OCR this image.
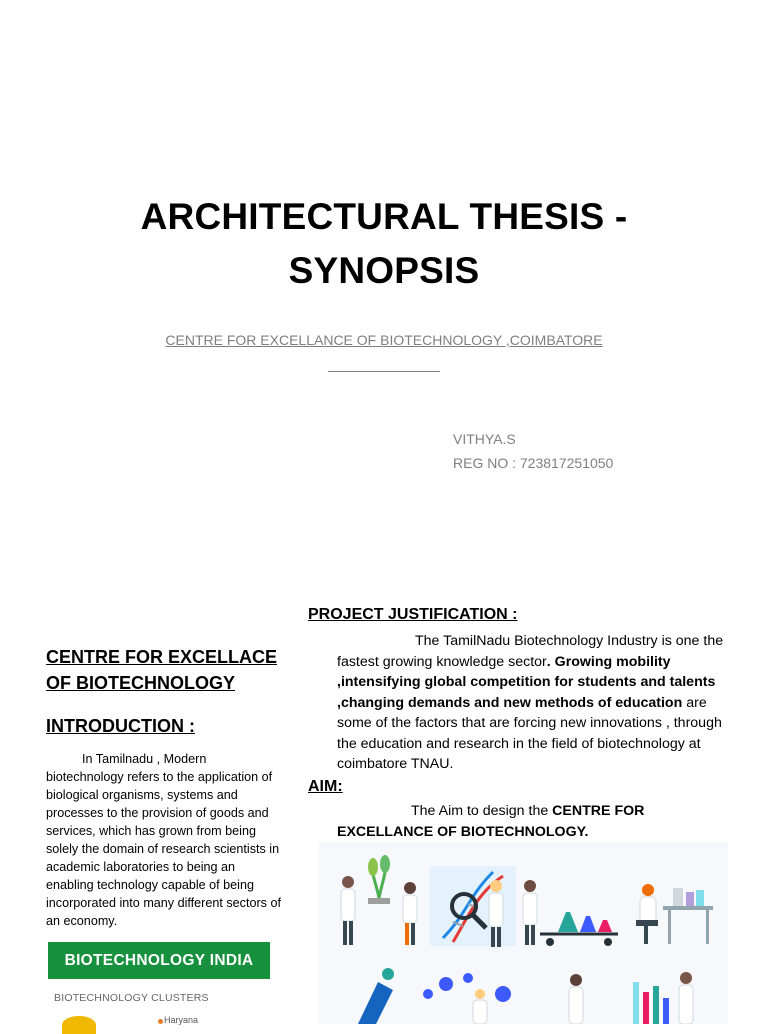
ARCHITECTURAL THESIS -
SYNOPSIS
CENTRE FOR EXCELLANCE OF BIOTECHNOLOGY ,COIMBATORE
VITHYA.S
REG NO : 723817251050
CENTRE FOR EXCELLACE
OF BIOTECHNOLOGY
INTRODUCTION :
In Tamilnadu , Modern biotechnology refers to the application of biological organisms, systems and processes to the provision of goods and services, which has grown from being solely the domain of research scientists in academic laboratories to being an enabling technology capable of being incorporated into many different sectors of an economy.
BIOTECHNOLOGY INDIA
BIOTECHNOLOGY CLUSTERS
Haryana
PROJECT JUSTIFICATION :
The TamilNadu Biotechnology Industry is one the fastest growing knowledge sector. Growing mobility ,intensifying global competition for students and talents ,changing demands and new methods of education are some of the factors that are forcing new innovations , through the education and research in the field of biotechnology at coimbatore TNAU.
AIM:
The Aim to design the CENTRE FOR EXCELLANCE OF BIOTECHNOLOGY.
